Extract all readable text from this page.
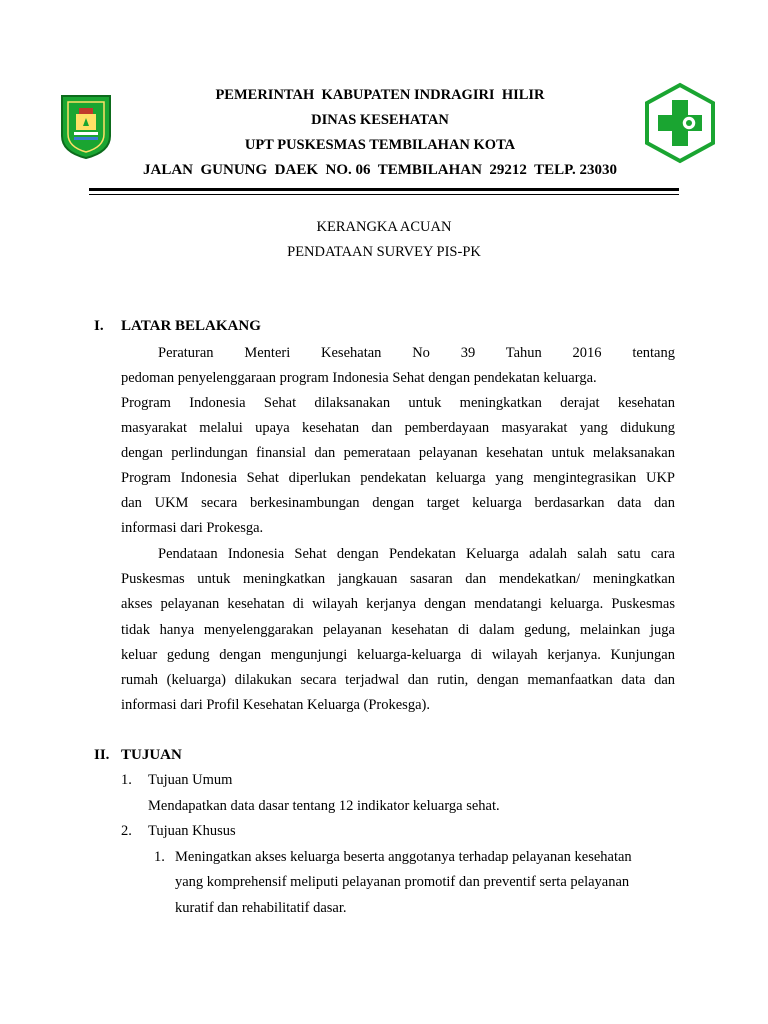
PEMERINTAH  KABUPATEN INDRAGIRI  HILIR
DINAS KESEHATAN
UPT PUSKESMAS TEMBILAHAN KOTA
JALAN  GUNUNG  DAEK  NO. 06  TEMBILAHAN  29212  TELP. 23030
KERANGKA ACUAN
PENDATAAN SURVEY PIS-PK
I. LATAR BELAKANG
Peraturan Menteri Kesehatan No 39 Tahun 2016 tentang
pedoman penyelenggaraan program Indonesia Sehat dengan pendekatan keluarga.
Program Indonesia Sehat dilaksanakan untuk meningkatkan derajat kesehatan
masyarakat melalui upaya kesehatan dan pemberdayaan masyarakat yang didukung
dengan perlindungan finansial dan pemerataan pelayanan kesehatan untuk melaksanakan
Program Indonesia Sehat diperlukan pendekatan keluarga yang mengintegrasikan UKP
dan UKM secara berkesinambungan dengan target keluarga berdasarkan data dan
informasi dari Prokesga.
Pendataan Indonesia Sehat dengan Pendekatan Keluarga adalah salah satu cara
Puskesmas untuk meningkatkan jangkauan sasaran dan mendekatkan/ meningkatkan
akses pelayanan kesehatan di wilayah kerjanya dengan mendatangi keluarga. Puskesmas
tidak hanya menyelenggarakan pelayanan kesehatan di dalam gedung, melainkan juga
keluar gedung dengan mengunjungi keluarga-keluarga di wilayah kerjanya. Kunjungan
rumah (keluarga) dilakukan secara terjadwal dan rutin, dengan memanfaatkan data dan
informasi dari Profil Kesehatan Keluarga (Prokesga).
II. TUJUAN
1. Tujuan Umum
Mendapatkan data dasar tentang 12 indikator keluarga sehat.
2. Tujuan Khusus
1. Meningatkan akses keluarga beserta anggotanya terhadap pelayanan kesehatan
yang komprehensif meliputi pelayanan promotif dan preventif serta pelayanan
kuratif dan rehabilitatif dasar.
